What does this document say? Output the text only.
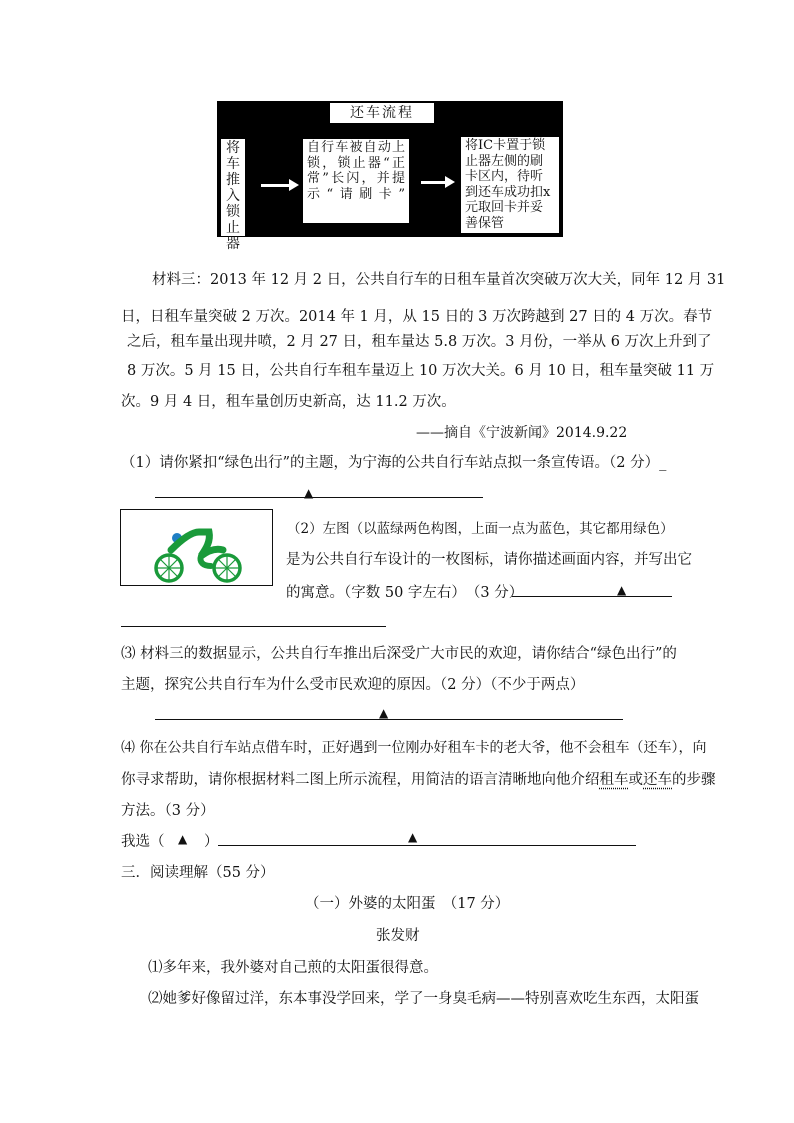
还车流程
将车推入锁止器
自行车被自动上锁，锁止器“正常”长闪，并提示“请刷卡”
将IC卡置于锁止器左侧的刷卡区内，待听到还车成功扣x元取回卡并妥善保管
材料三：2013 年 12 月 2 日，公共自行车的日租车量首次突破万次大关，同年 12 月 31
日，日租车量突破 2 万次。2014 年 1 月，从 15 日的 3 万次跨越到 27 日的 4 万次。春节
之后，租车量出现井喷，2 月 27 日，租车量达 5.8 万次。3 月份，一举从 6 万次上升到了
8 万次。5 月 15 日，公共自行车租车量迈上 10 万次大关。6 月 10 日，租车量突破 11 万
次。9 月 4 日，租车量创历史新高，达 11.2 万次。
——摘自《宁波新闻》2014.9.22
（1）请你紧扣“绿色出行”的主题，为宁海的公共自行车站点拟一条宣传语。（2 分）_
▲
（2）左图（以蓝绿两色构图，上面一点为蓝色，其它都用绿色）
是为公共自行车设计的一枚图标，请你描述画面内容，并写出它
的寓意。（字数 50 字左右）　（3 分）	▲
⑶ 材料三的数据显示，公共自行车推出后深受广大市民的欢迎，请你结合“绿色出行”的
主题，探究公共自行车为什么受市民欢迎的原因。（2 分）（不少于两点）
▲
⑷ 你在公共自行车站点借车时，正好遇到一位刚办好租车卡的老大爷，他不会租车（还车），向
你寻求帮助，请你根据材料二图上所示流程，用简洁的语言清晰地向他介绍租车或还车的步骤
方法。（3 分）
我选（ ▲ ）	▲
三．阅读理解（55 分）
（一）外婆的太阳蛋　（17 分）
张发财
⑴多年来，我外婆对自己煎的太阳蛋很得意。
⑵她爹好像留过洋，东本事没学回来，学了一身臭毛病——特别喜欢吃生东西，太阳蛋
